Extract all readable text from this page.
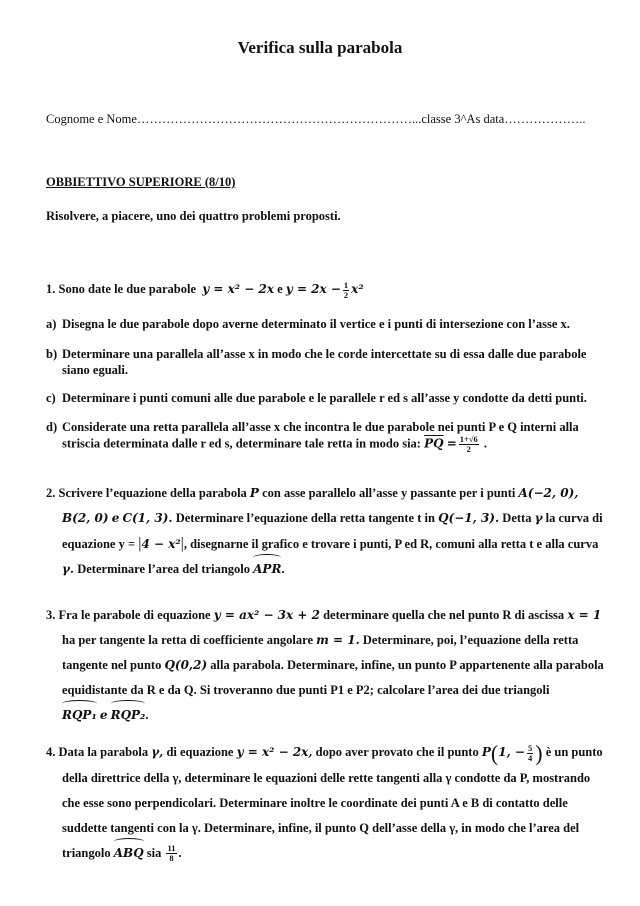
Verifica sulla parabola
Cognome e Nome…………………………………………………………...classe 3^As data………………..
OBBIETTIVO SUPERIORE (8/10)
Risolvere, a piacere, uno dei quattro problemi proposti.
1. Sono date le due parabole y = x² − 2x e $y = 2x - \frac{1}{2} x^2$
a) Disegna le due parabole dopo averne determinato il vertice e i punti di intersezione con l’asse x.
b) Determinare una parallela all’asse x in modo che le corde intercettate su di essa dalle due parabole siano eguali.
c) Determinare i punti comuni alle due parabole e le parallele r ed s all’asse y condotte da detti punti.
d) Considerate una retta parallela all’asse x che incontra le due parabole nei punti P e Q interni alla
striscia determinata dalle r ed s, determinare tale retta in modo sia: $\overline{PQ} = \frac{1+√6}{2}$ .
2. Scrivere l’equazione della parabola P con asse parallelo all’asse y passante per i punti A(−2, 0),
B(2, 0) e C(1, 3). Determinare l’equazione della retta tangente t in Q(−1, 3). Detta γ la curva di
equazione y = |4 − x²|, disegnarne il grafico e trovare i punti, P ed R, comuni alla retta t e alla curva
γ. Determinare l’area del triangolo APR.
3. Fra le parabole di equazione y = ax² − 3x + 2 determinare quella che nel punto R di ascissa x = 1
ha per tangente la retta di coefficiente angolare m = 1. Determinare, poi, l’equazione della retta
tangente nel punto Q(0,2) alla parabola. Determinare, infine, un punto P appartenente alla parabola
equidistante da R e da Q. Si troveranno due punti P1 e P2; calcolare l’area dei due triangoli
RQP₁ e RQP₂.
4. Data la parabola γ, di equazione y = x² − 2x, dopo aver provato che il punto P(1, − $\frac{5}{4}$ ) è un punto
della direttrice della γ, determinare le equazioni delle rette tangenti alla γ condotte da P, mostrando
che esse sono perpendicolari. Determinare inoltre le coordinate dei punti A e B di contatto delle
suddette tangenti con la γ. Determinare, infine, il punto Q dell’asse della γ, in modo che l’area del
triangolo ABQ sia $\frac{11}{8}$ .
